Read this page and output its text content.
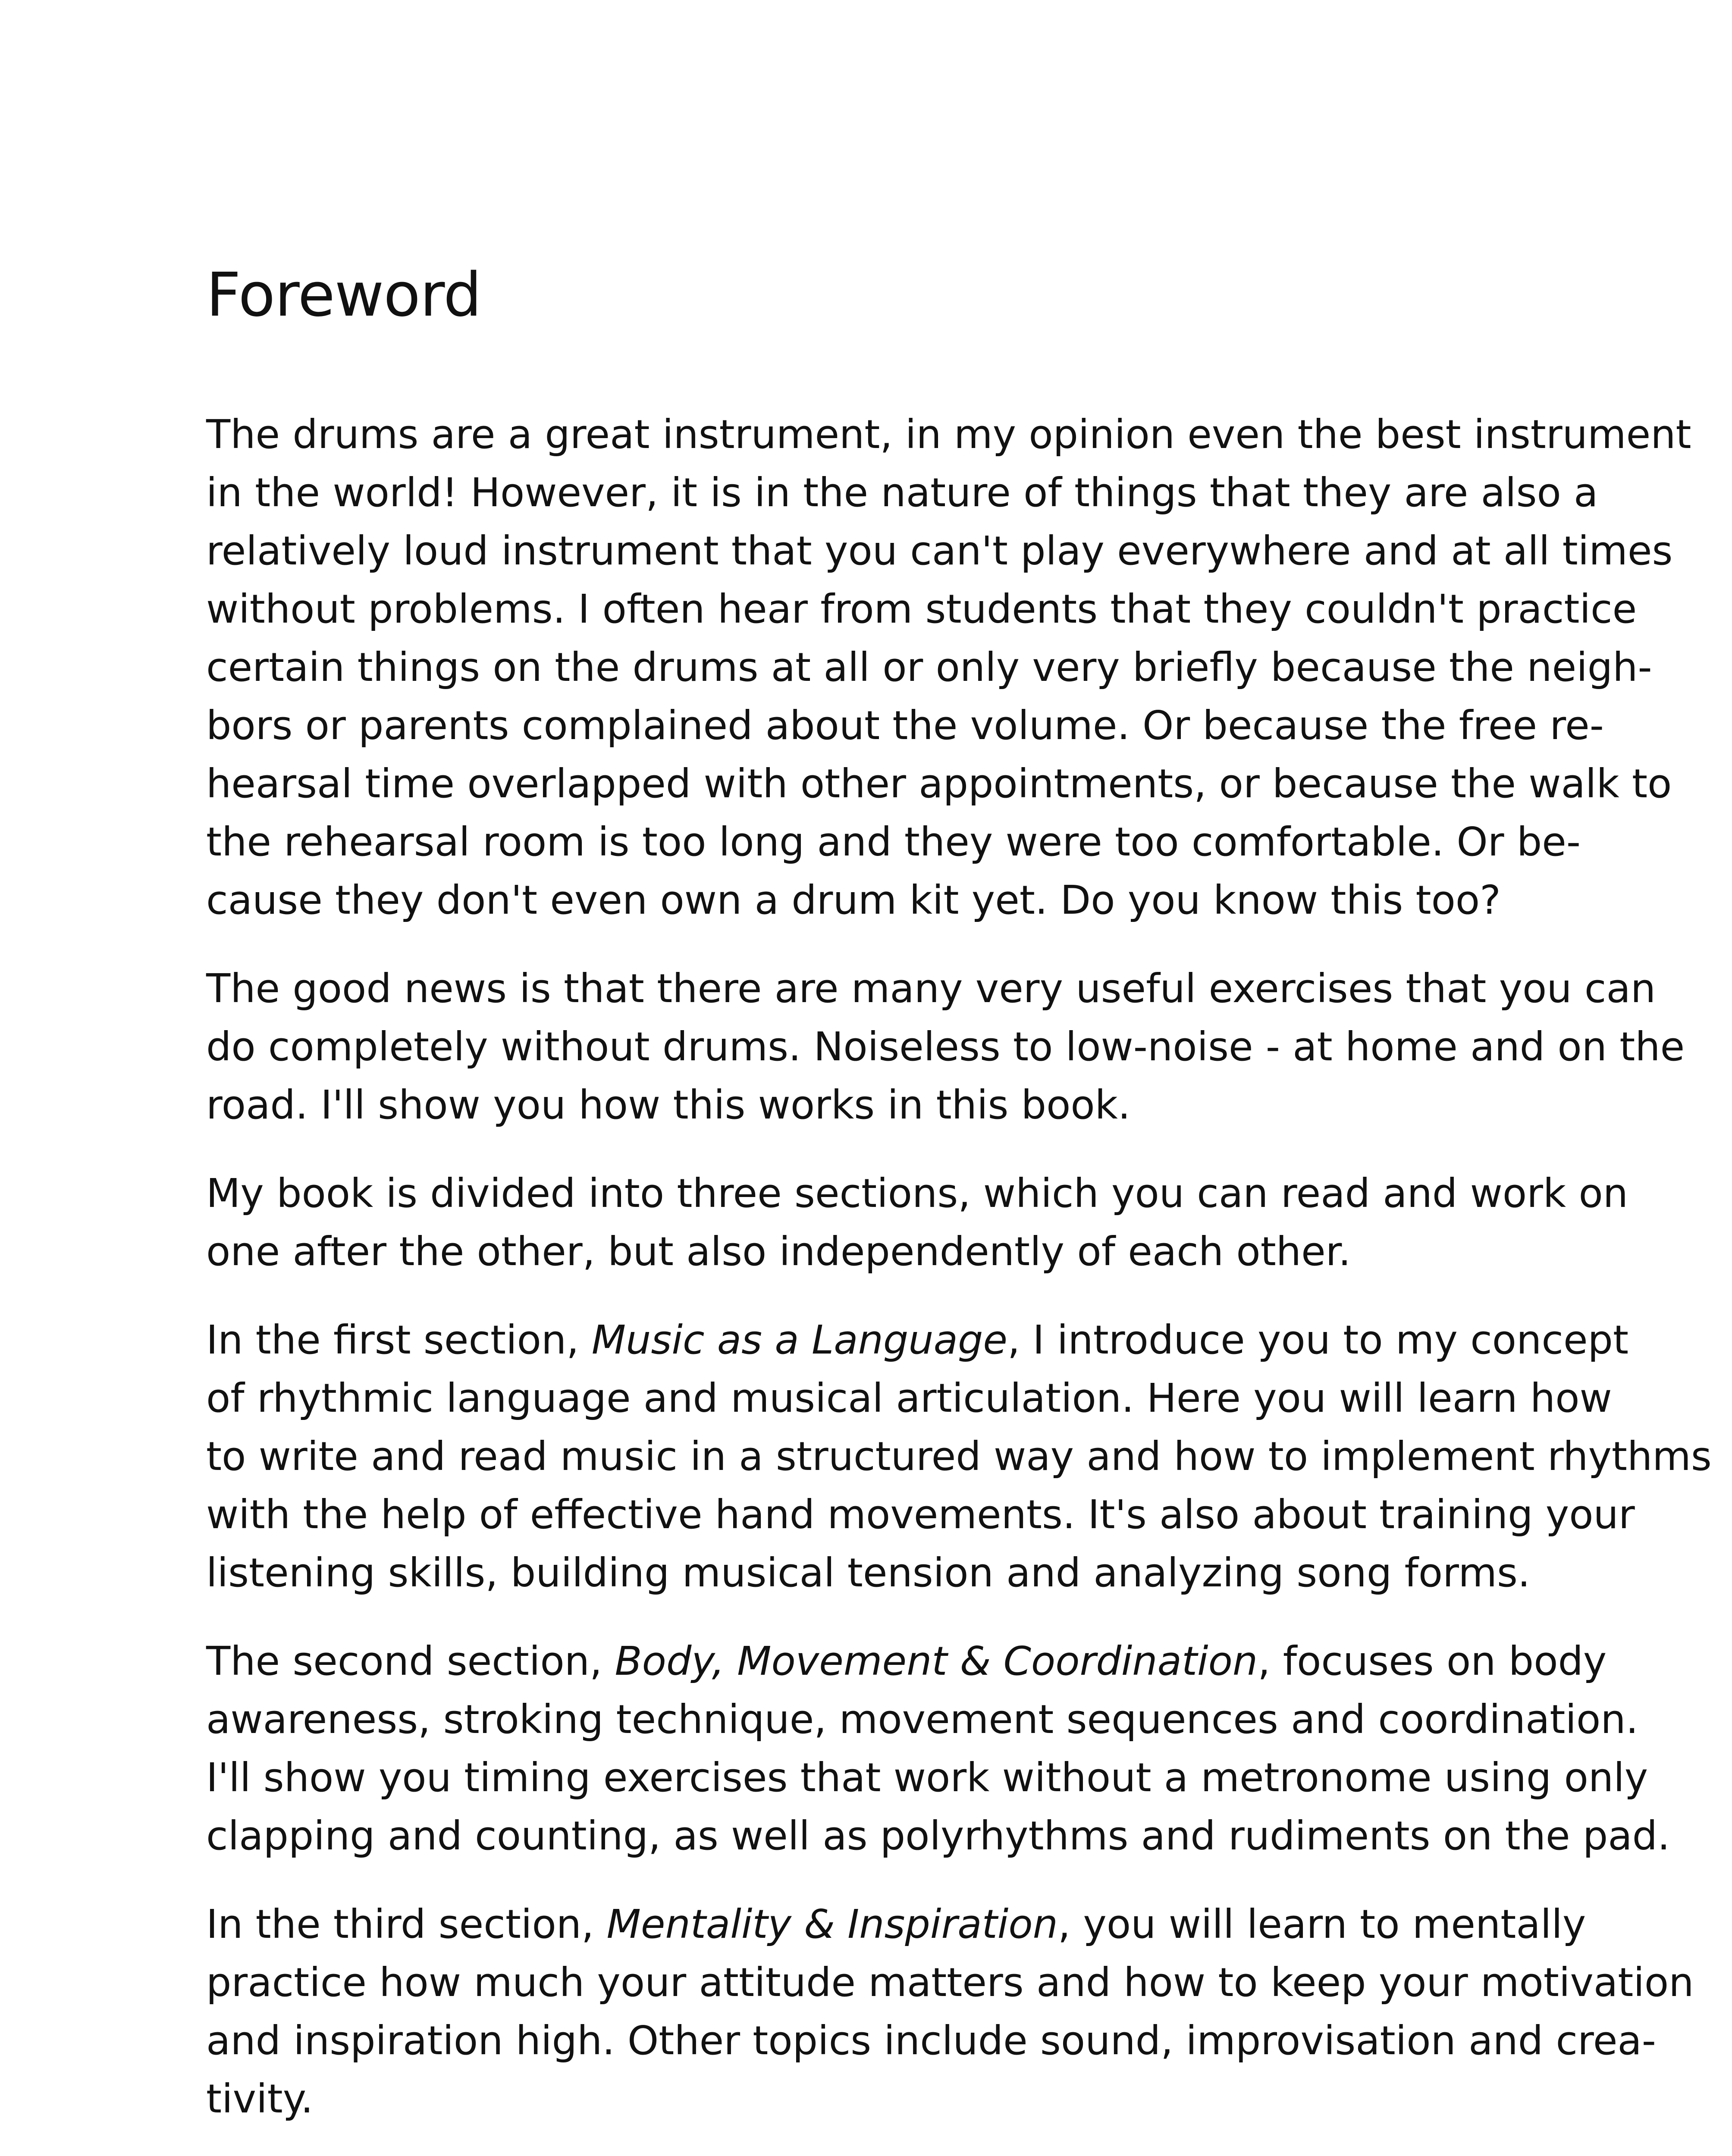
Foreword

The drums are a great instrument, in my opinion even the best instrument
in the world! However, it is in the nature of things that they are also a
relatively loud instrument that you can't play everywhere and at all times
without problems. I often hear from students that they couldn't practice
certain things on the drums at all or only very briefly because the neigh-
bors or parents complained about the volume. Or because the free re-
hearsal time overlapped with other appointments, or because the walk to
the rehearsal room is too long and they were too comfortable. Or be-
cause they don't even own a drum kit yet. Do you know this too?

The good news is that there are many very useful exercises that you can
do completely without drums. Noiseless to low-noise - at home and on the
road. I'll show you how this works in this book.

My book is divided into three sections, which you can read and work on
one after the other, but also independently of each other.

In the first section, Music as a Language, I introduce you to my concept
of rhythmic language and musical articulation. Here you will learn how
to write and read music in a structured way and how to implement rhythms
with the help of effective hand movements. It's also about training your
listening skills, building musical tension and analyzing song forms.

The second section, Body, Movement & Coordination, focuses on body
awareness, stroking technique, movement sequences and coordination.
I'll show you timing exercises that work without a metronome using only
clapping and counting, as well as polyrhythms and rudiments on the pad.

In the third section, Mentality & Inspiration, you will learn to mentally
practice how much your attitude matters and how to keep your motivation
and inspiration high. Other topics include sound, improvisation and crea-
tivity.
